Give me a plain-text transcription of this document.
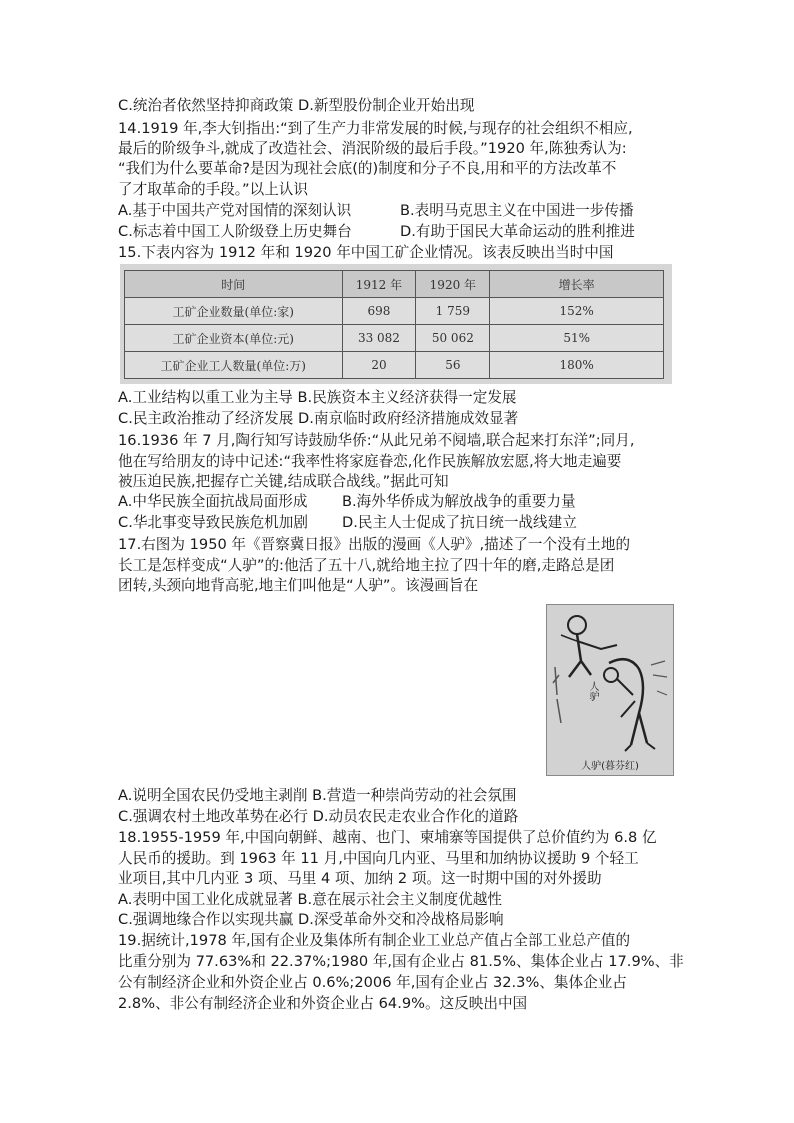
C.统治者依然坚持抑商政策 D.新型股份制企业开始出现
14.1919 年,李大钊指出:“到了生产力非常发展的时候,与现存的社会组织不相应,
最后的阶级争斗,就成了改造社会、消泯阶级的最后手段。”1920 年,陈独秀认为:
“我们为什么要革命?是因为现社会底(的)制度和分子不良,用和平的方法改革不
了才取革命的手段。”以上认识
A.基于中国共产党对国情的深刻认识	B.表明马克思主义在中国进一步传播
C.标志着中国工人阶级登上历史舞台	D.有助于国民大革命运动的胜利推进
15.下表内容为 1912 年和 1920 年中国工矿企业情况。该表反映出当时中国
时间	1912 年	1920 年	增长率
工矿企业数量(单位:家)	698	1 759	152%
工矿企业资本(单位:元)	33 082	50 062	51%
工矿企业工人数量(单位:万)	20	56	180%
A.工业结构以重工业为主导 B.民族资本主义经济获得一定发展
C.民主政治推动了经济发展 D.南京临时政府经济措施成效显著
16.1936 年 7 月,陶行知写诗鼓励华侨:“从此兄弟不阋墙,联合起来打东洋”;同月,
他在写给朋友的诗中记述:“我率性将家庭眷恋,化作民族解放宏愿,将大地走遍要
被压迫民族,把握存亡关键,结成联合战线。”据此可知
A.中华民族全面抗战局面形成 B.海外华侨成为解放战争的重要力量
C.华北事变导致民族危机加剧 D.民主人士促成了抗日统一战线建立
17.右图为 1950 年《晋察冀日报》出版的漫画《人驴》,描述了一个没有土地的
长工是怎样变成“人驴”的:他活了五十八,就给地主拉了四十年的磨,走路总是团
团转,头颈向地背高驼,地主们叫他是“人驴”。该漫画旨在
人驴
人驴(暮芬红)
A.说明全国农民仍受地主剥削 B.营造一种崇尚劳动的社会氛围
C.强调农村土地改革势在必行 D.动员农民走农业合作化的道路
18.1955-1959 年,中国向朝鲜、越南、也门、柬埔寨等国提供了总价值约为 6.8 亿
人民币的援助。到 1963 年 11 月,中国向几内亚、马里和加纳协议援助 9 个轻工
业项目,其中几内亚 3 项、马里 4 项、加纳 2 项。这一时期中国的对外援助
A.表明中国工业化成就显著 B.意在展示社会主义制度优越性
C.强调地缘合作以实现共赢 D.深受革命外交和冷战格局影响
19.据统计,1978 年,国有企业及集体所有制企业工业总产值占全部工业总产值的
比重分别为 77.63%和 22.37%;1980 年,国有企业占 81.5%、集体企业占 17.9%、非
公有制经济企业和外资企业占 0.6%;2006 年,国有企业占 32.3%、集体企业占
2.8%、非公有制经济企业和外资企业占 64.9%。这反映出中国
